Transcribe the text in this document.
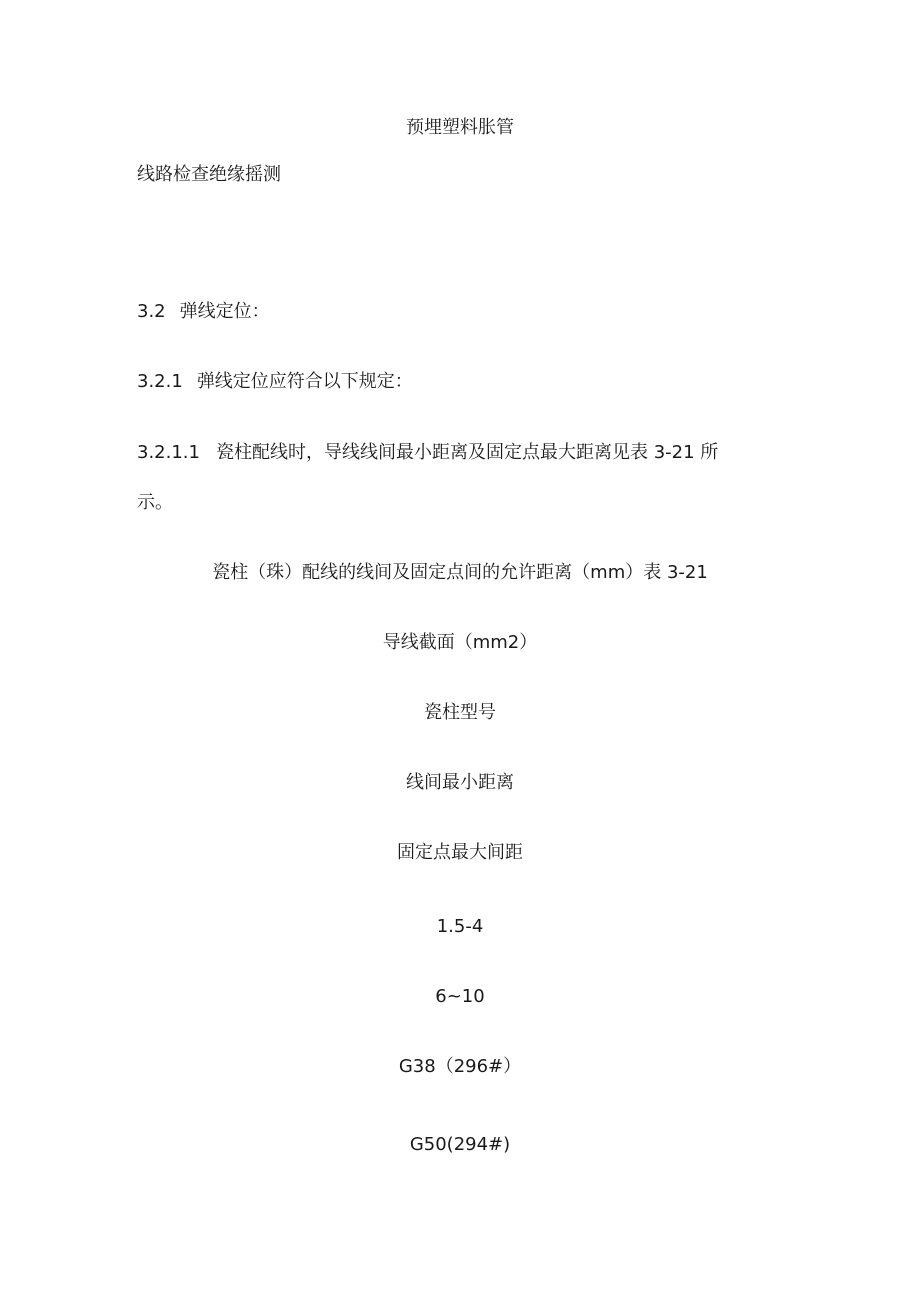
预埋塑料胀管
线路检查绝缘摇测
3.2 弹线定位：
3.2.1 弹线定位应符合以下规定：
3.2.1.1 瓷柱配线时，导线线间最小距离及固定点最大距离见表 3-21 所
示。
瓷柱（珠）配线的线间及固定点间的允许距离（mm）表 3-21
导线截面（mm2）
瓷柱型号
线间最小距离
固定点最大间距
1.5-4
6~10
G38（296#）
G50(294#)
